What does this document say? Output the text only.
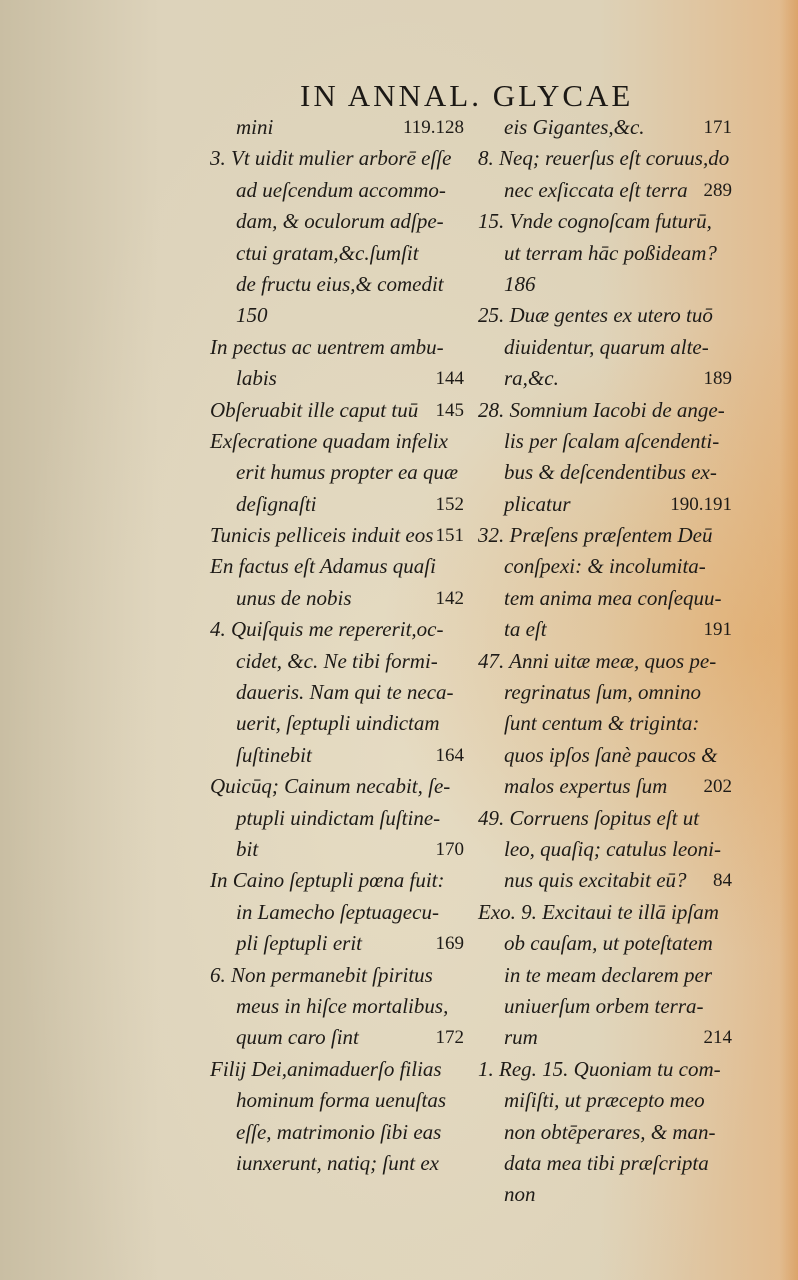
IN ANNAL. GLYCAE
mini	119.128
3. Vt uidit mulier arborē eſſe
ad ueſcendum accommo-
dam, & oculorum adſpe-
ctui gratam,&c.ſumſit
de fructu eius,& comedit
150
In pectus ac uentrem ambu-
labis	144
Obſeruabit ille caput tuū 145
Exſecratione quadam infelix
erit humus propter ea quæ
deſignaſti	152
Tunicis pelliceis induit eos 151
En factus eſt Adamus quaſi
unus de nobis	142
4. Quiſquis me repererit,oc-
cidet, &c. Ne tibi formi-
daueris. Nam qui te neca-
uerit, ſeptupli uindictam
ſuſtinebit	164
Quicūq; Cainum necabit, ſe-
ptupli uindictam ſuſtine-
bit	170
In Caino ſeptupli pœna fuit:
in Lamecho ſeptuagecu-
pli ſeptupli erit	169
6. Non permanebit ſpiritus
meus in hiſce mortalibus,
quum caro ſint	172
Filij Dei,animaduerſo filias
hominum forma uenuſtas
eſſe, matrimonio ſibi eas
iunxerunt, natiq; ſunt ex
eis Gigantes,&c.	171
8. Neq; reuerſus eſt coruus,do
nec exſiccata eſt terra 289
15. Vnde cognoſcam futurū,
ut terram hāc poßideam?
186
25. Duæ gentes ex utero tuō
diuidentur, quarum alte-
ra,&c.	189
28. Somnium Iacobi de ange-
lis per ſcalam aſcendenti-
bus & deſcendentibus ex-
plicatur	190.191
32. Præſens præſentem Deū
conſpexi: & incolumita-
tem anima mea conſequu-
ta eſt	191
47. Anni uitæ meæ, quos pe-
regrinatus ſum, omnino
ſunt centum & triginta:
quos ipſos ſanè paucos &
malos expertus ſum 202
49. Corruens ſopitus eſt ut
leo, quaſiq; catulus leoni-
nus quis excitabit eū? 84
Exo. 9. Excitaui te illā ipſam
ob cauſam, ut poteſtatem
in te meam declarem per
uniuerſum orbem terra-
rum	214
1. Reg. 15. Quoniam tu com-
miſiſti, ut præcepto meo
non obtēperares, & man-
data mea tibi præſcripta
non
